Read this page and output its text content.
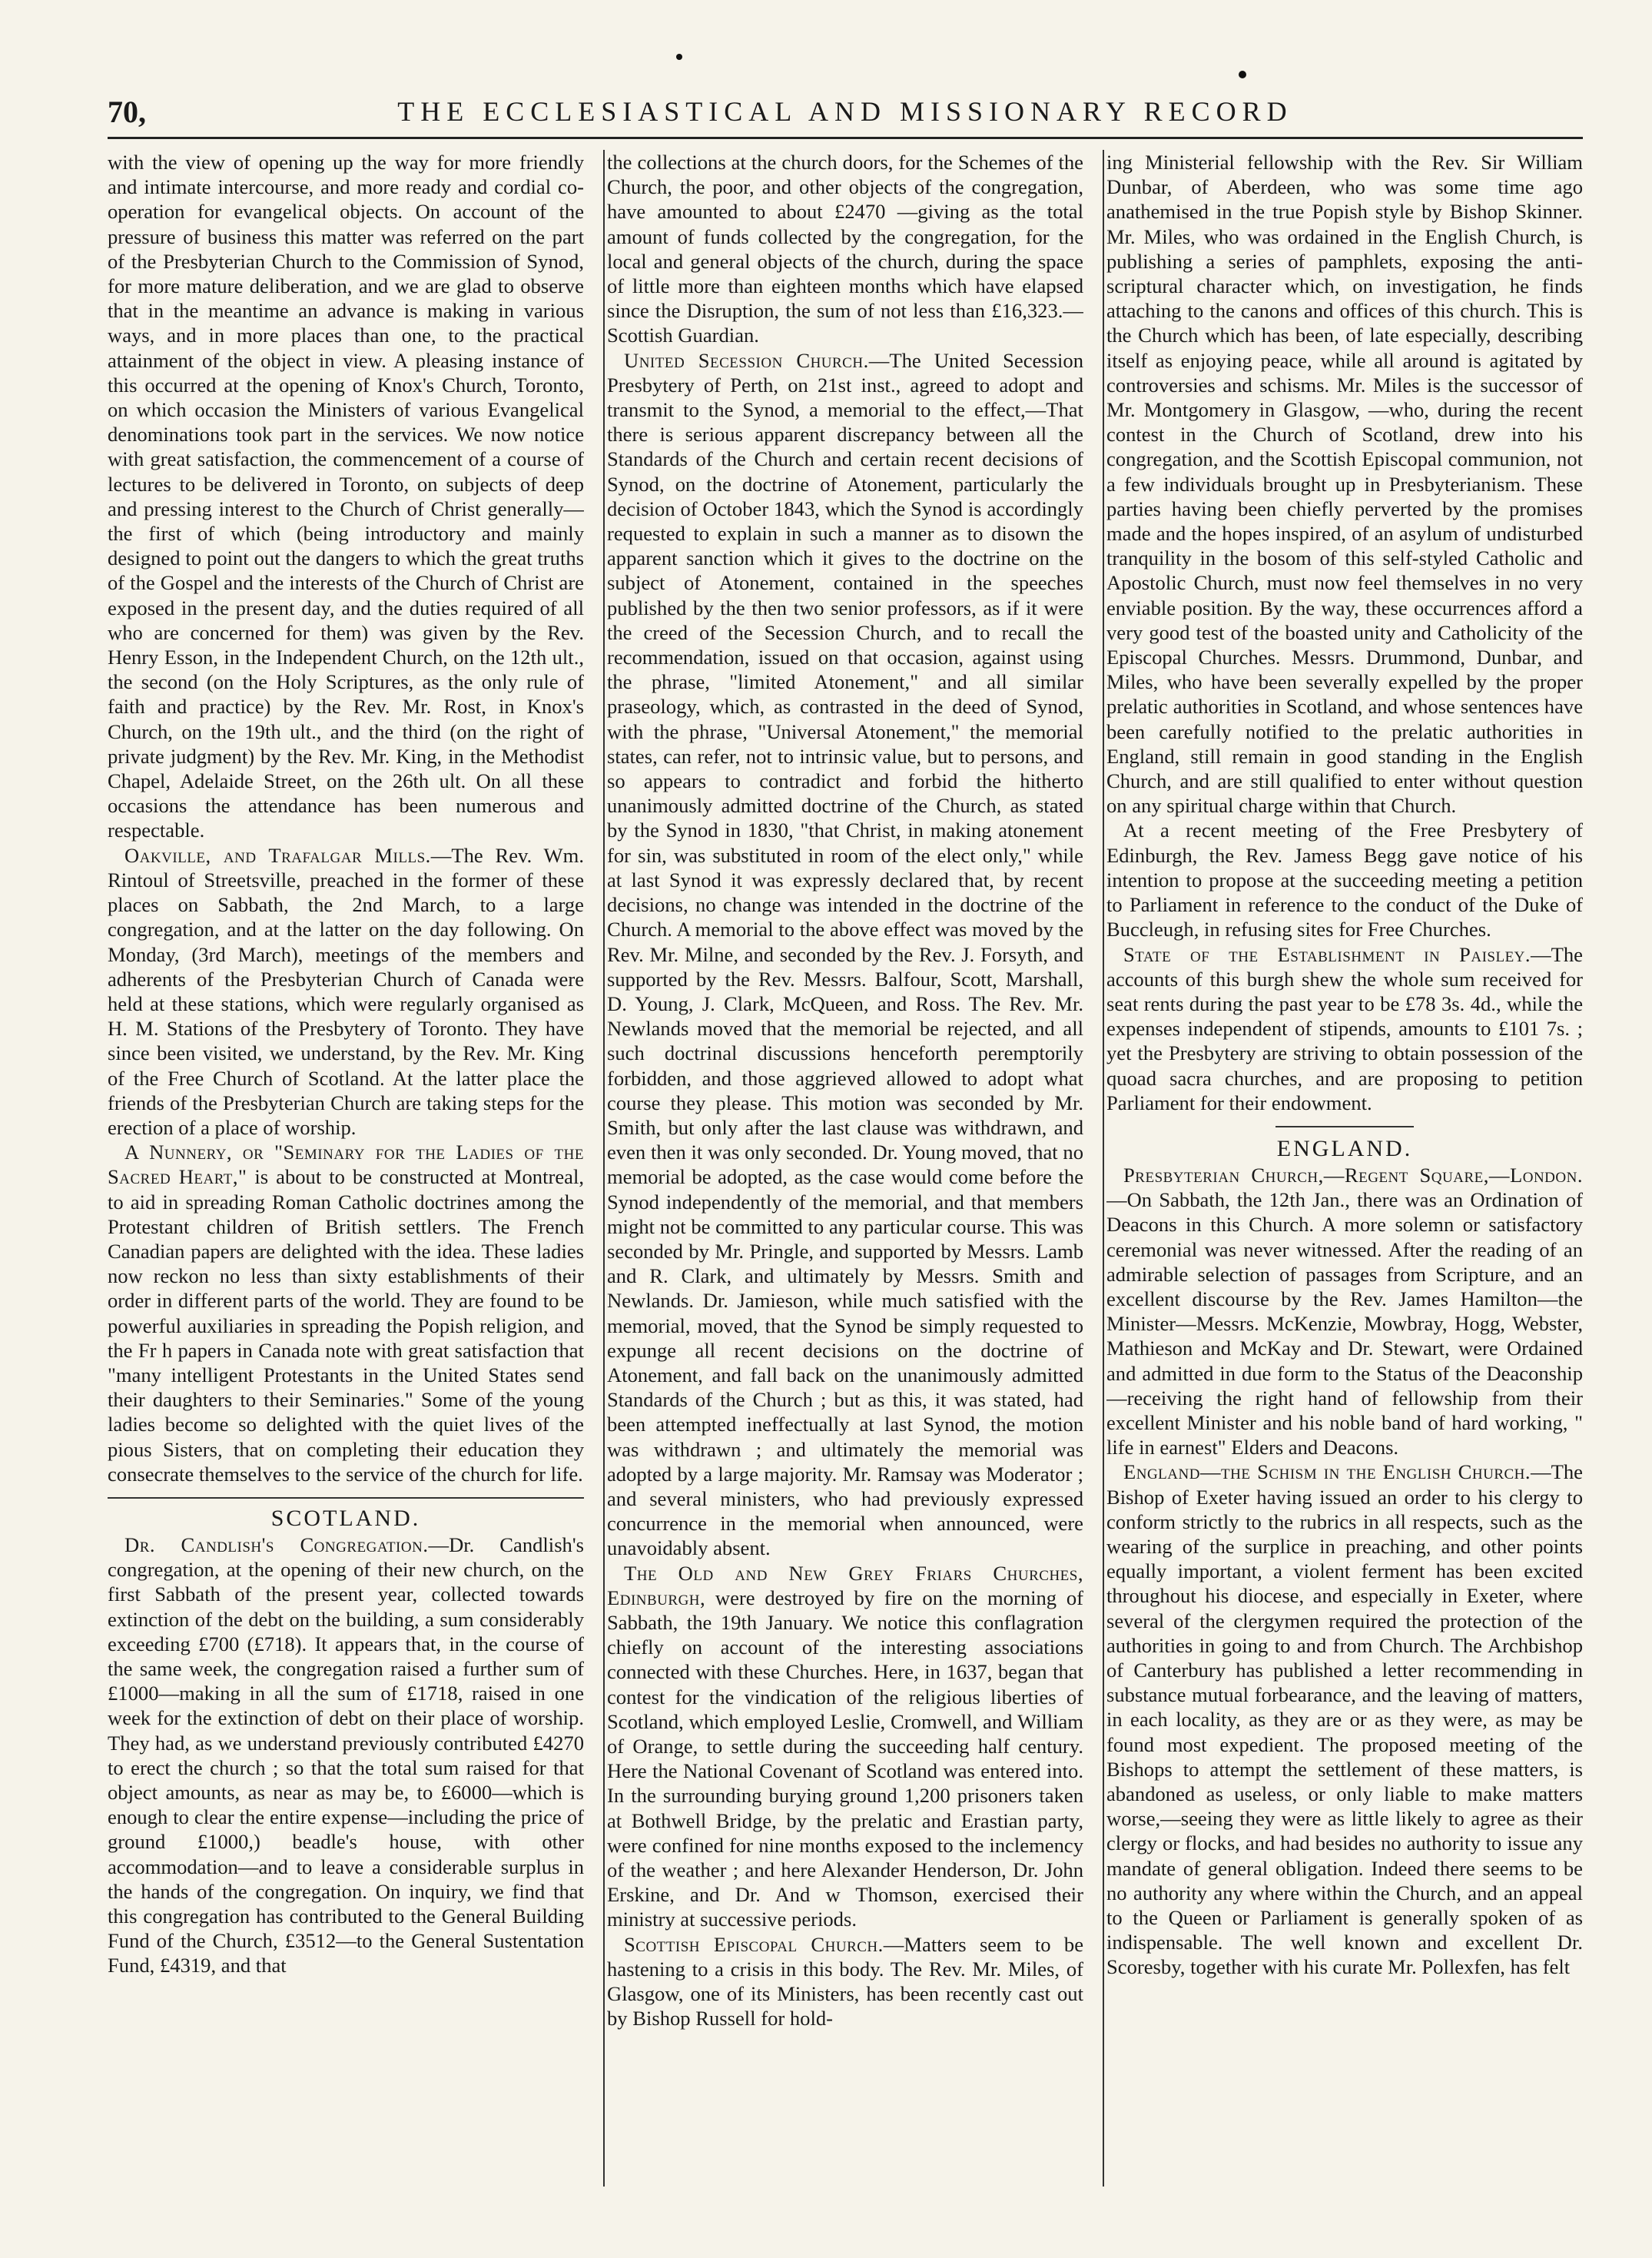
70,	THE ECCLESIASTICAL AND MISSIONARY RECORD

with the view of opening up the way for more friendly and intimate intercourse, and more ready and cordial co-operation for evangelical objects. On account of the pressure of business this matter was referred on the part of the Presbyterian Church to the Commission of Synod, for more mature deliberation, and we are glad to observe that in the meantime an advance is making in various ways, and in more places than one, to the practical attainment of the object in view. A pleasing instance of this occurred at the opening of Knox's Church, Toronto, on which occasion the Ministers of various Evangelical denominations took part in the services. We now notice with great satisfaction, the commencement of a course of lectures to be delivered in Toronto, on subjects of deep and pressing interest to the Church of Christ generally—the first of which (being introductory and mainly designed to point out the dangers to which the great truths of the Gospel and the interests of the Church of Christ are exposed in the present day, and the duties required of all who are concerned for them) was given by the Rev. Henry Esson, in the Independent Church, on the 12th ult., the second (on the Holy Scriptures, as the only rule of faith and practice) by the Rev. Mr. Rost, in Knox's Church, on the 19th ult., and the third (on the right of private judgment) by the Rev. Mr. King, in the Methodist Chapel, Adelaide Street, on the 26th ult. On all these occasions the attendance has been numerous and respectable.

Oakville, and Trafalgar Mills.—The Rev. Wm. Rintoul of Streetsville, preached in the former of these places on Sabbath, the 2nd March, to a large congregation, and at the latter on the day following. On Monday, (3rd March), meetings of the members and adherents of the Presbyterian Church of Canada were held at these stations, which were regularly organised as H. M. Stations of the Presbytery of Toronto. They have since been visited, we understand, by the Rev. Mr. King of the Free Church of Scotland. At the latter place the friends of the Presbyterian Church are taking steps for the erection of a place of worship.

A Nunnery, or "Seminary for the Ladies of the Sacred Heart," is about to be constructed at Montreal, to aid in spreading Roman Catholic doctrines among the Protestant children of British settlers. The French Canadian papers are delighted with the idea. These ladies now reckon no less than sixty establishments of their order in different parts of the world. They are found to be powerful auxiliaries in spreading the Popish religion, and the Fr h papers in Canada note with great satisfaction that "many intelligent Protestants in the United States send their daughters to their Seminaries." Some of the young ladies become so delighted with the quiet lives of the pious Sisters, that on completing their education they consecrate themselves to the service of the church for life.

SCOTLAND.

Dr. Candlish's Congregation.—Dr. Candlish's congregation, at the opening of their new church, on the first Sabbath of the present year, collected towards extinction of the debt on the building, a sum considerably exceeding £700 (£718). It appears that, in the course of the same week, the congregation raised a further sum of £1000—making in all the sum of £1718, raised in one week for the extinction of debt on their place of worship. They had, as we understand previously contributed £4270 to erect the church ; so that the total sum raised for that object amounts, as near as may be, to £6000—which is enough to clear the entire expense—including the price of ground £1000,) beadle's house, with other accommodation—and to leave a considerable surplus in the hands of the congregation. On inquiry, we find that this congregation has contributed to the General Building Fund of the Church, £3512—to the General Sustentation Fund, £4319, and that

the collections at the church doors, for the Schemes of the Church, the poor, and other objects of the congregation, have amounted to about £2470 —giving as the total amount of funds collected by the congregation, for the local and general objects of the church, during the space of little more than eighteen months which have elapsed since the Disruption, the sum of not less than £16,323.—Scottish Guardian.

United Secession Church.—The United Secession Presbytery of Perth, on 21st inst., agreed to adopt and transmit to the Synod, a memorial to the effect,—That there is serious apparent discrepancy between all the Standards of the Church and certain recent decisions of Synod, on the doctrine of Atonement, particularly the decision of October 1843, which the Synod is accordingly requested to explain in such a manner as to disown the apparent sanction which it gives to the doctrine on the subject of Atonement, contained in the speeches published by the then two senior professors, as if it were the creed of the Secession Church, and to recall the recommendation, issued on that occasion, against using the phrase, "limited Atonement," and all similar praseology, which, as contrasted in the deed of Synod, with the phrase, "Universal Atonement," the memorial states, can refer, not to intrinsic value, but to persons, and so appears to contradict and forbid the hitherto unanimously admitted doctrine of the Church, as stated by the Synod in 1830, "that Christ, in making atonement for sin, was substituted in room of the elect only," while at last Synod it was expressly declared that, by recent decisions, no change was intended in the doctrine of the Church. A memorial to the above effect was moved by the Rev. Mr. Milne, and seconded by the Rev. J. Forsyth, and supported by the Rev. Messrs. Balfour, Scott, Marshall, D. Young, J. Clark, McQueen, and Ross. The Rev. Mr. Newlands moved that the memorial be rejected, and all such doctrinal discussions henceforth peremptorily forbidden, and those aggrieved allowed to adopt what course they please. This motion was seconded by Mr. Smith, but only after the last clause was withdrawn, and even then it was only seconded. Dr. Young moved, that no memorial be adopted, as the case would come before the Synod independently of the memorial, and that members might not be committed to any particular course. This was seconded by Mr. Pringle, and supported by Messrs. Lamb and R. Clark, and ultimately by Messrs. Smith and Newlands. Dr. Jamieson, while much satisfied with the memorial, moved, that the Synod be simply requested to expunge all recent decisions on the doctrine of Atonement, and fall back on the unanimously admitted Standards of the Church ; but as this, it was stated, had been attempted ineffectually at last Synod, the motion was withdrawn ; and ultimately the memorial was adopted by a large majority. Mr. Ramsay was Moderator ; and several ministers, who had previously expressed concurrence in the memorial when announced, were unavoidably absent.

The Old and New Grey Friars Churches, Edinburgh, were destroyed by fire on the morning of Sabbath, the 19th January. We notice this conflagration chiefly on account of the interesting associations connected with these Churches. Here, in 1637, began that contest for the vindication of the religious liberties of Scotland, which employed Leslie, Cromwell, and William of Orange, to settle during the succeeding half century. Here the National Covenant of Scotland was entered into. In the surrounding burying ground 1,200 prisoners taken at Bothwell Bridge, by the prelatic and Erastian party, were confined for nine months exposed to the inclemency of the weather ; and here Alexander Henderson, Dr. John Erskine, and Dr. And w Thomson, exercised their ministry at successive periods.

Scottish Episcopal Church.—Matters seem to be hastening to a crisis in this body. The Rev. Mr. Miles, of Glasgow, one of its Ministers, has been recently cast out by Bishop Russell for hold-

ing Ministerial fellowship with the Rev. Sir William Dunbar, of Aberdeen, who was some time ago anathemised in the true Popish style by Bishop Skinner. Mr. Miles, who was ordained in the English Church, is publishing a series of pamphlets, exposing the anti-scriptural character which, on investigation, he finds attaching to the canons and offices of this church. This is the Church which has been, of late especially, describing itself as enjoying peace, while all around is agitated by controversies and schisms. Mr. Miles is the successor of Mr. Montgomery in Glasgow, —who, during the recent contest in the Church of Scotland, drew into his congregation, and the Scottish Episcopal communion, not a few individuals brought up in Presbyterianism. These parties having been chiefly perverted by the promises made and the hopes inspired, of an asylum of undisturbed tranquility in the bosom of this self-styled Catholic and Apostolic Church, must now feel themselves in no very enviable position. By the way, these occurrences afford a very good test of the boasted unity and Catholicity of the Episcopal Churches. Messrs. Drummond, Dunbar, and Miles, who have been severally expelled by the proper prelatic authorities in Scotland, and whose sentences have been carefully notified to the prelatic authorities in England, still remain in good standing in the English Church, and are still qualified to enter without question on any spiritual charge within that Church.

At a recent meeting of the Free Presbytery of Edinburgh, the Rev. Jamess Begg gave notice of his intention to propose at the succeeding meeting a petition to Parliament in reference to the conduct of the Duke of Buccleugh, in refusing sites for Free Churches.

State of the Establishment in Paisley.—The accounts of this burgh shew the whole sum received for seat rents during the past year to be £78 3s. 4d., while the expenses independent of stipends, amounts to £101 7s. ; yet the Presbytery are striving to obtain possession of the quoad sacra churches, and are proposing to petition Parliament for their endowment.

ENGLAND.

Presbyterian Church,—Regent Square,—London.—On Sabbath, the 12th Jan., there was an Ordination of Deacons in this Church. A more solemn or satisfactory ceremonial was never witnessed. After the reading of an admirable selection of passages from Scripture, and an excellent discourse by the Rev. James Hamilton—the Minister—Messrs. McKenzie, Mowbray, Hogg, Webster, Mathieson and McKay and Dr. Stewart, were Ordained and admitted in due form to the Status of the Deaconship—receiving the right hand of fellowship from their excellent Minister and his noble band of hard working, " life in earnest" Elders and Deacons.

England—the Schism in the English Church.—The Bishop of Exeter having issued an order to his clergy to conform strictly to the rubrics in all respects, such as the wearing of the surplice in preaching, and other points equally important, a violent ferment has been excited throughout his diocese, and especially in Exeter, where several of the clergymen required the protection of the authorities in going to and from Church. The Archbishop of Canterbury has published a letter recommending in substance mutual forbearance, and the leaving of matters, in each locality, as they are or as they were, as may be found most expedient. The proposed meeting of the Bishops to attempt the settlement of these matters, is abandoned as useless, or only liable to make matters worse,—seeing they were as little likely to agree as their clergy or flocks, and had besides no authority to issue any mandate of general obligation. Indeed there seems to be no authority any where within the Church, and an appeal to the Queen or Parliament is generally spoken of as indispensable. The well known and excellent Dr. Scoresby, together with his curate Mr. Pollexfen, has felt
